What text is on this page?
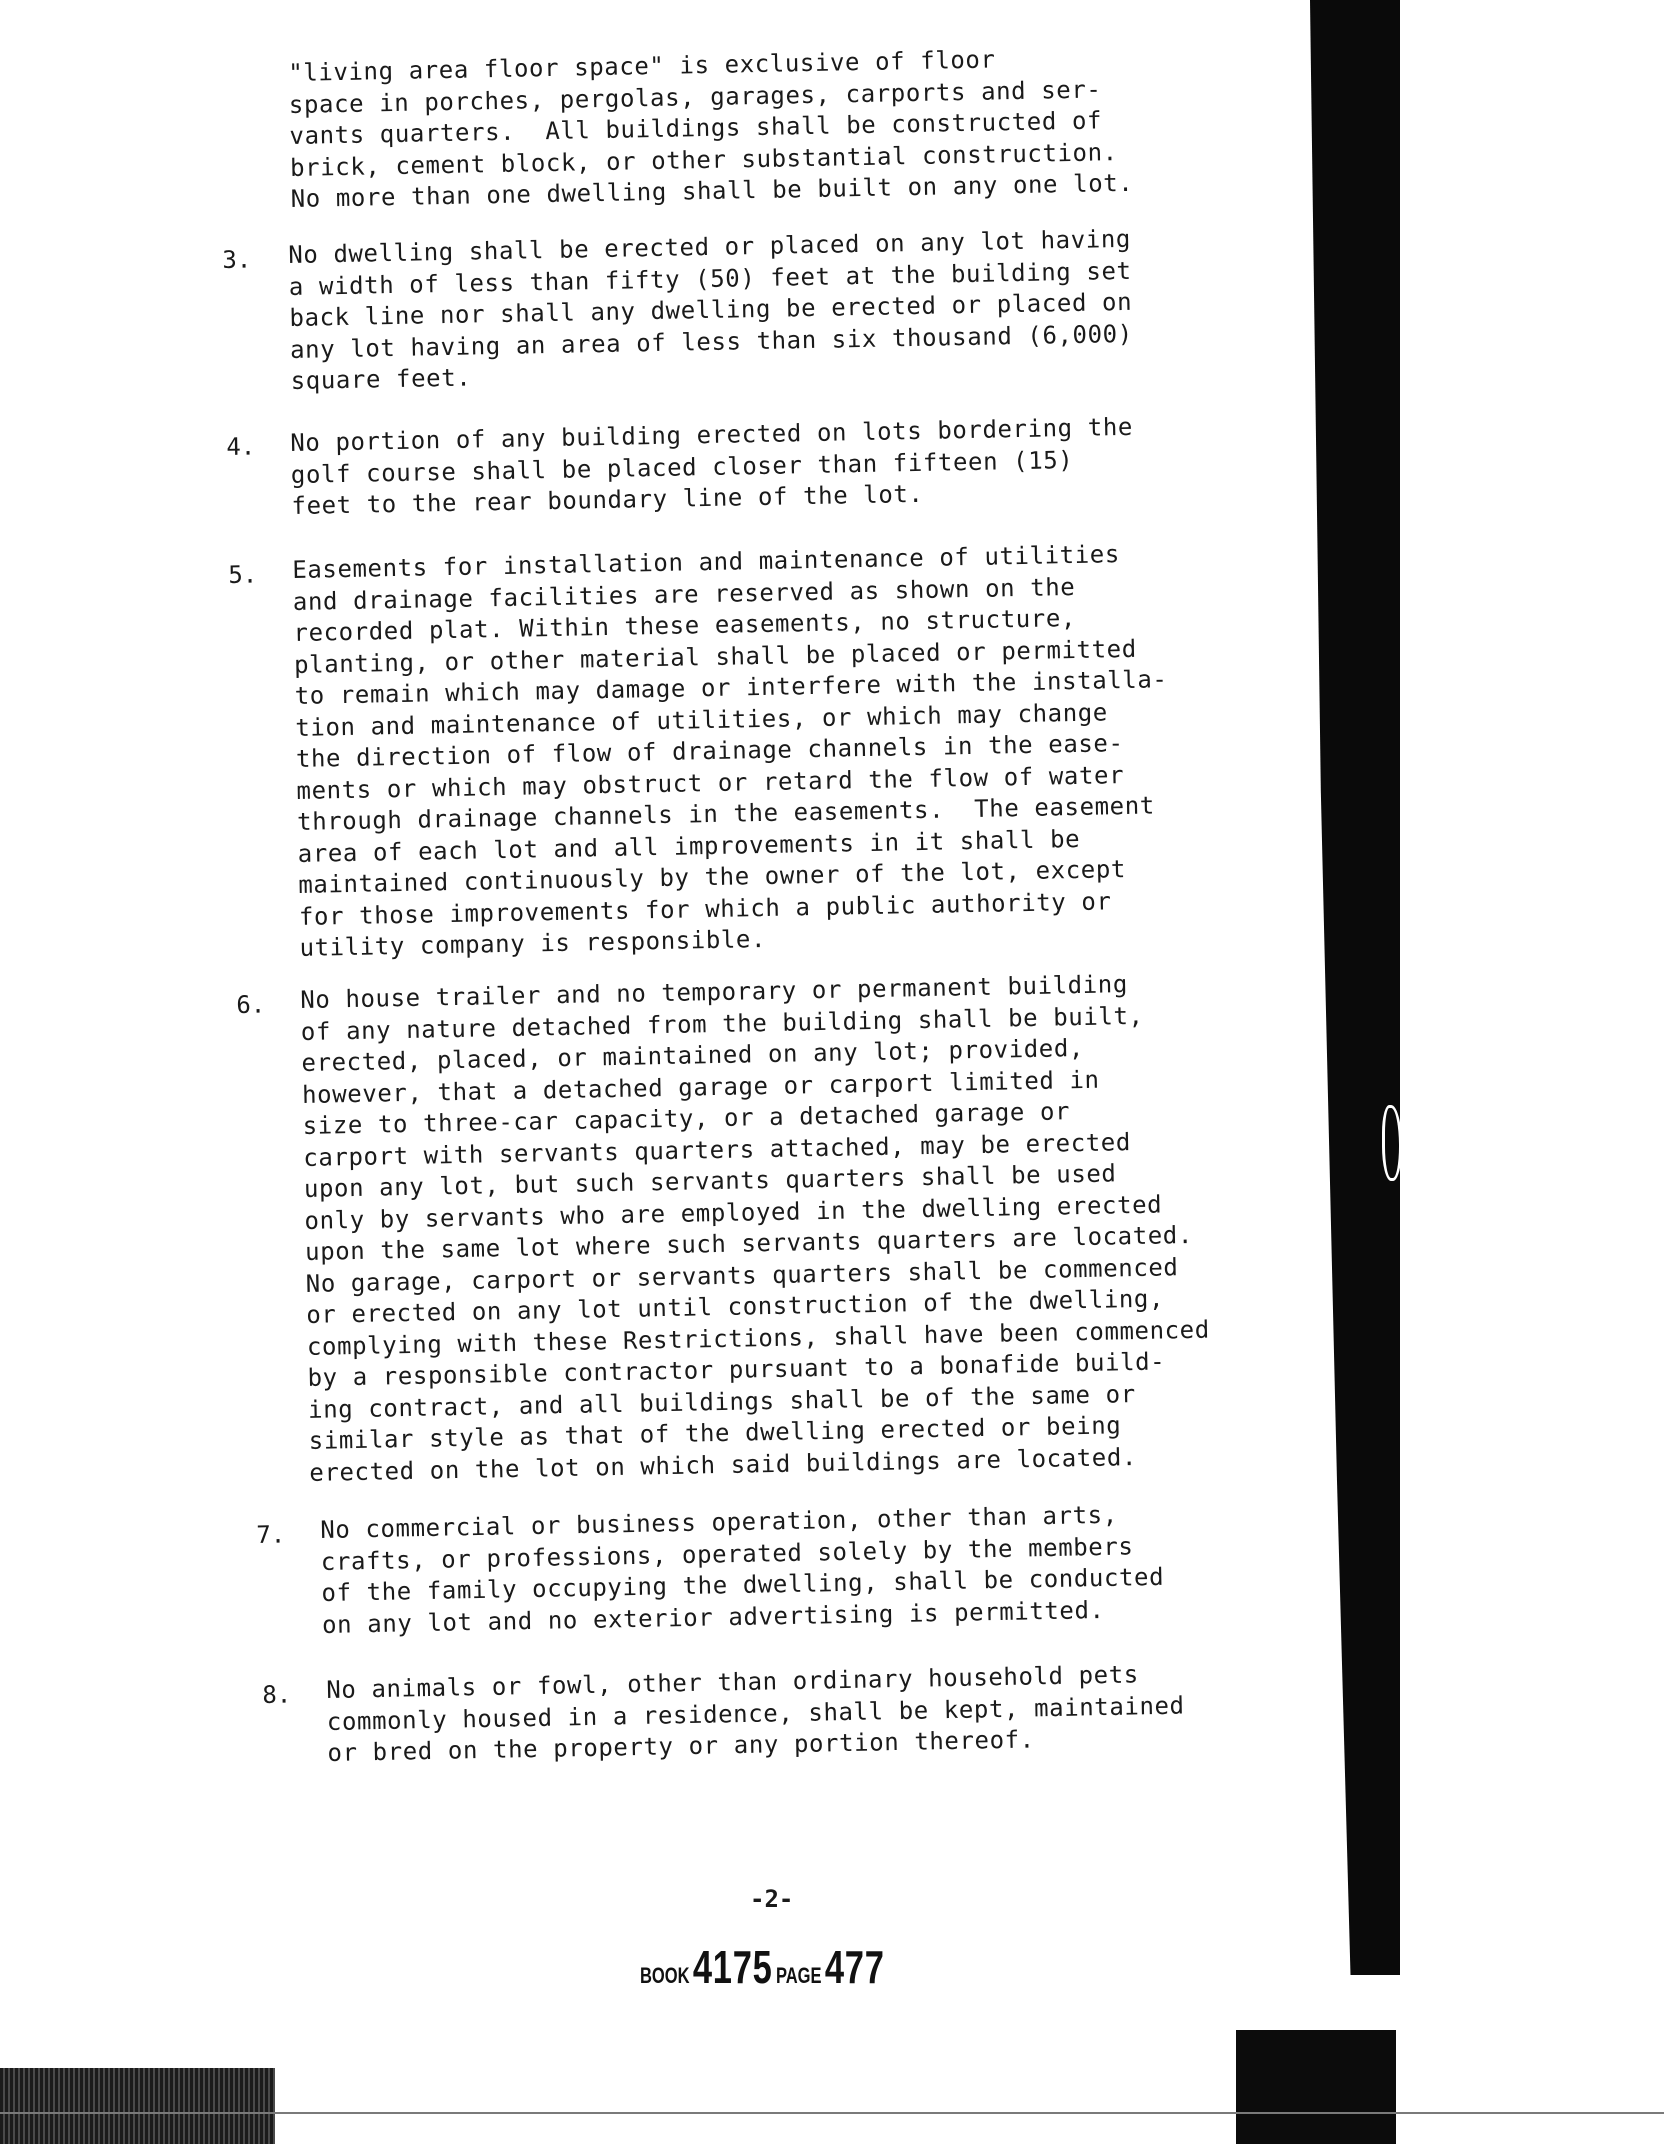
"living area floor space" is exclusive of floor
space in porches, pergolas, garages, carports and ser-
vants quarters.  All buildings shall be constructed of
brick, cement block, or other substantial construction.
No more than one dwelling shall be built on any one lot.
3. No dwelling shall be erected or placed on any lot having
a width of less than fifty (50) feet at the building set
back line nor shall any dwelling be erected or placed on
any lot having an area of less than six thousand (6,000)
square feet.
4. No portion of any building erected on lots bordering the
golf course shall be placed closer than fifteen (15)
feet to the rear boundary line of the lot.
5. Easements for installation and maintenance of utilities
and drainage facilities are reserved as shown on the
recorded plat. Within these easements, no structure,
planting, or other material shall be placed or permitted
to remain which may damage or interfere with the installa-
tion and maintenance of utilities, or which may change
the direction of flow of drainage channels in the ease-
ments or which may obstruct or retard the flow of water
through drainage channels in the easements.  The easement
area of each lot and all improvements in it shall be
maintained continuously by the owner of the lot, except
for those improvements for which a public authority or
utility company is responsible.
6. No house trailer and no temporary or permanent building
of any nature detached from the building shall be built,
erected, placed, or maintained on any lot; provided,
however, that a detached garage or carport limited in
size to three-car capacity, or a detached garage or
carport with servants quarters attached, may be erected
upon any lot, but such servants quarters shall be used
only by servants who are employed in the dwelling erected
upon the same lot where such servants quarters are located.
No garage, carport or servants quarters shall be commenced
or erected on any lot until construction of the dwelling,
complying with these Restrictions, shall have been commenced
by a responsible contractor pursuant to a bonafide build-
ing contract, and all buildings shall be of the same or
similar style as that of the dwelling erected or being
erected on the lot on which said buildings are located.
7. No commercial or business operation, other than arts,
crafts, or professions, operated solely by the members
of the family occupying the dwelling, shall be conducted
on any lot and no exterior advertising is permitted.
8. No animals or fowl, other than ordinary household pets
commonly housed in a residence, shall be kept, maintained
or bred on the property or any portion thereof.
-2-
BOOK 4175 PAGE 477
